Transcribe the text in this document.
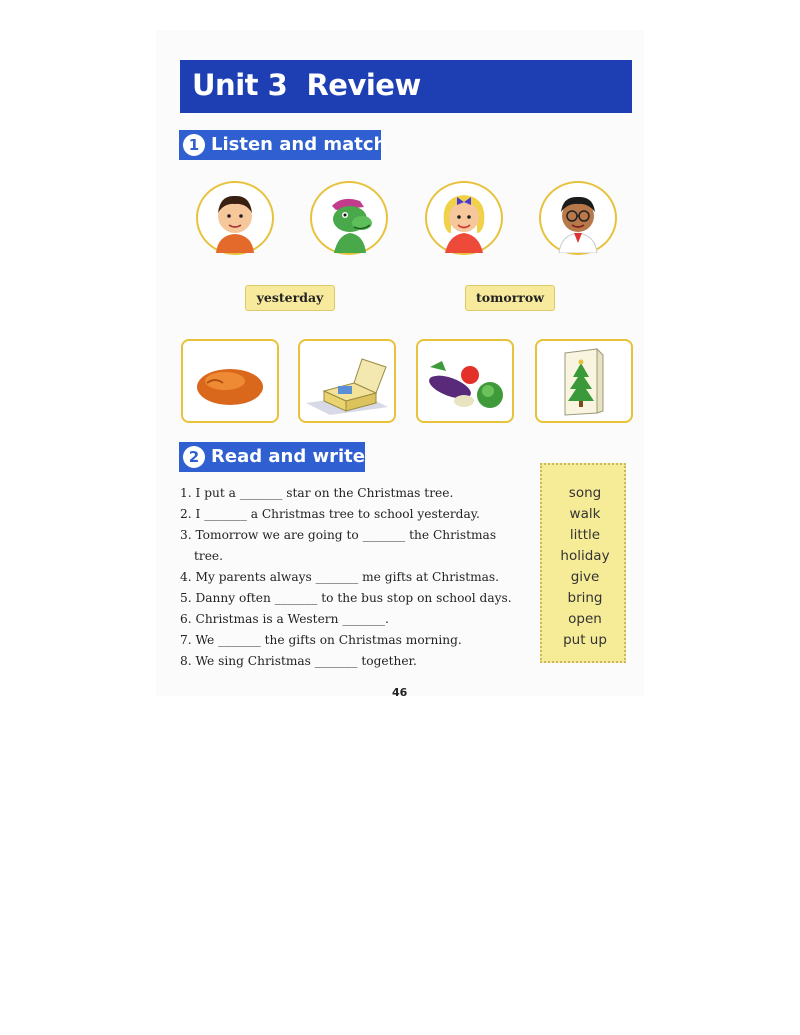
Unit 3  Review
1 Listen and match
yesterday	tomorrow
2 Read and write
1. I put a _______ star on the Christmas tree.
2. I _______ a Christmas tree to school yesterday.
3. Tomorrow we are going to _______ the Christmas
tree.
4. My parents always _______ me gifts at Christmas.
5. Danny often _______ to the bus stop on school days.
6. Christmas is a Western _______.
7. We _______ the gifts on Christmas morning.
8. We sing Christmas _______ together.
song
walk
little
holiday
give
bring
open
put up
46
